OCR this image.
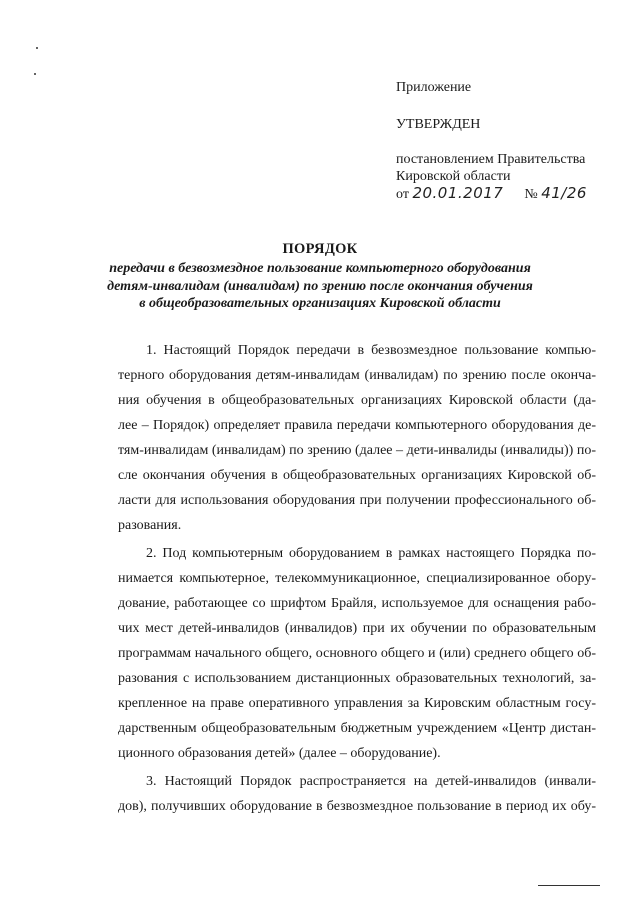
Приложение
УТВЕРЖДЕН
постановлением Правительства
Кировской области
от 20.01.2017 № 41/26
ПОРЯДОК
передачи в безвозмездное пользование компьютерного оборудования
детям-инвалидам (инвалидам) по зрению после окончания обучения
в общеобразовательных организациях Кировской области
1. Настоящий Порядок передачи в безвозмездное пользование компью-
терного оборудования детям-инвалидам (инвалидам) по зрению после оконча-
ния обучения в общеобразовательных организациях Кировской области (да-
лее – Порядок) определяет правила передачи компьютерного оборудования де-
тям-инвалидам (инвалидам) по зрению (далее – дети-инвалиды (инвалиды)) по-
сле окончания обучения в общеобразовательных организациях Кировской об-
ласти для использования оборудования при получении профессионального об-
разования.
2. Под компьютерным оборудованием в рамках настоящего Порядка по-
нимается компьютерное, телекоммуникационное, специализированное обору-
дование, работающее со шрифтом Брайля, используемое для оснащения рабо-
чих мест детей-инвалидов (инвалидов) при их обучении по образовательным
программам начального общего, основного общего и (или) среднего общего об-
разования с использованием дистанционных образовательных технологий, за-
крепленное на праве оперативного управления за Кировским областным госу-
дарственным общеобразовательным бюджетным учреждением «Центр дистан-
ционного образования детей» (далее – оборудование).
3. Настоящий Порядок распространяется на детей-инвалидов (инвали-
дов), получивших оборудование в безвозмездное пользование в период их обу-
